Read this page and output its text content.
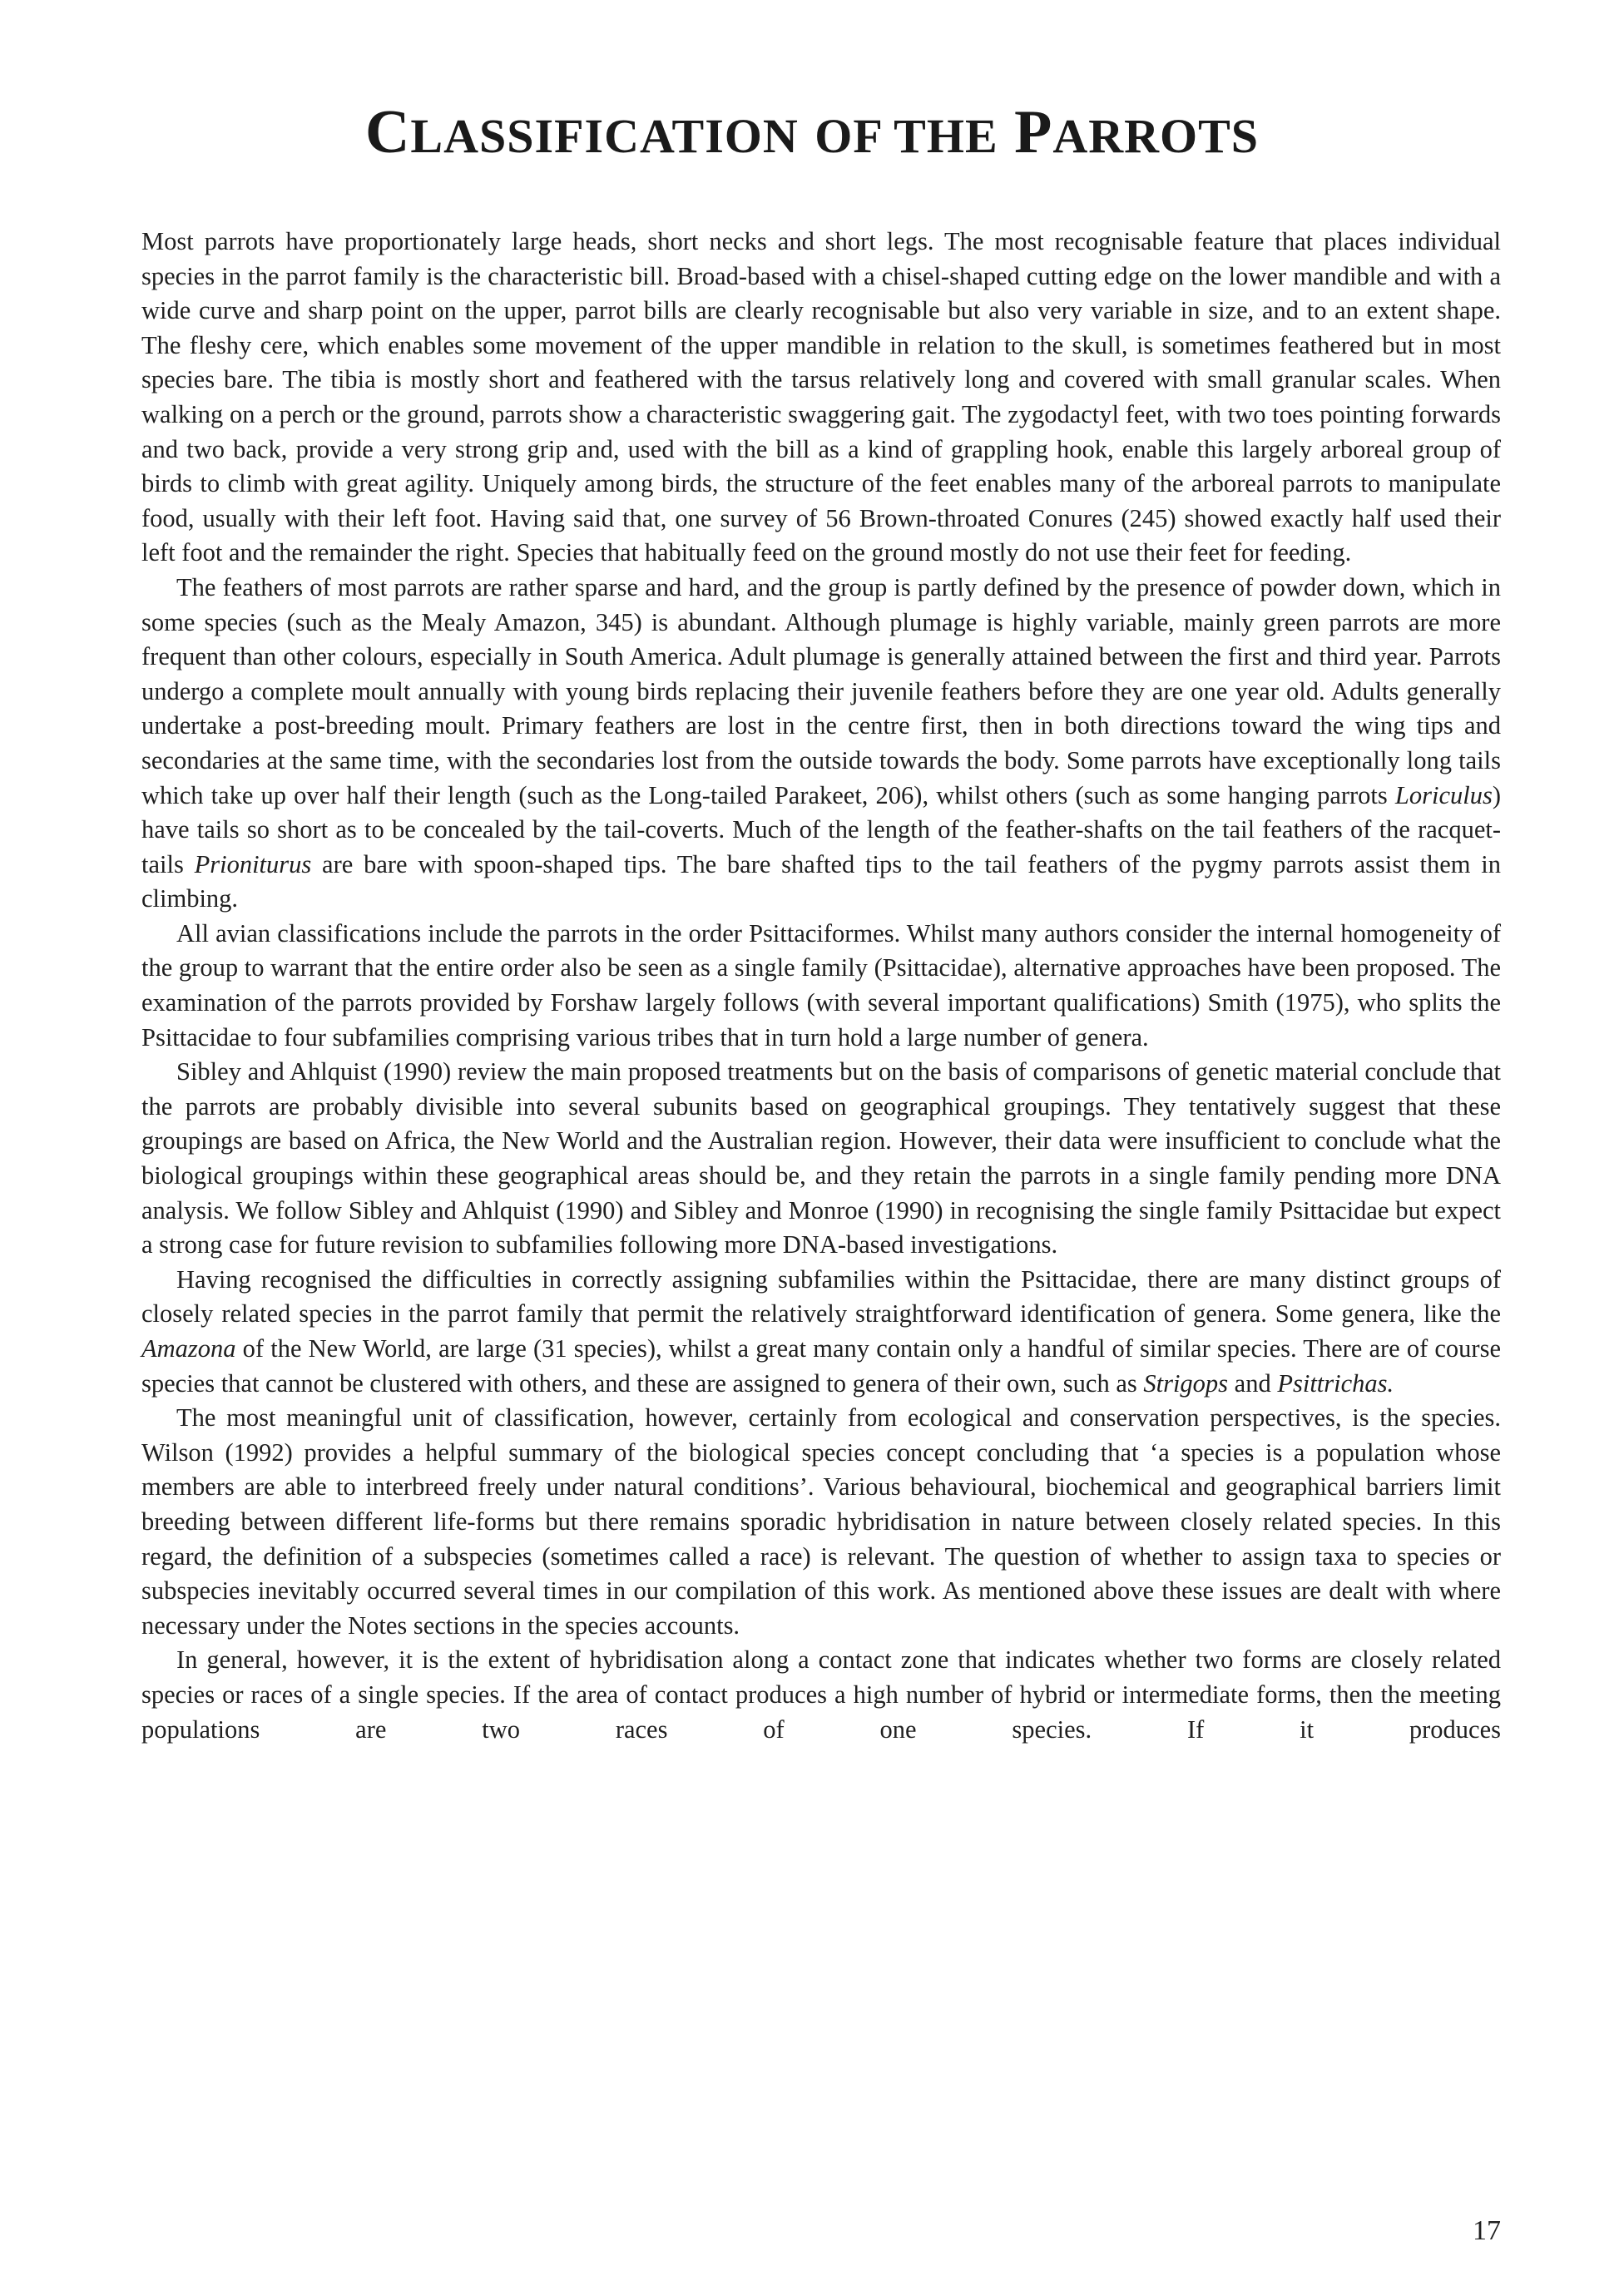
CLASSIFICATION OF THE PARROTS

Most parrots have proportionately large heads, short necks and short legs. The most recognisable feature that places individual species in the parrot family is the characteristic bill. Broad-based with a chisel-shaped cutting edge on the lower mandible and with a wide curve and sharp point on the upper, parrot bills are clearly recognisable but also very variable in size, and to an extent shape. The fleshy cere, which enables some movement of the upper mandible in relation to the skull, is sometimes feathered but in most species bare. The tibia is mostly short and feathered with the tarsus relatively long and covered with small granular scales. When walking on a perch or the ground, parrots show a characteristic swaggering gait. The zygodactyl feet, with two toes pointing forwards and two back, provide a very strong grip and, used with the bill as a kind of grappling hook, enable this largely arboreal group of birds to climb with great agility. Uniquely among birds, the structure of the feet enables many of the arboreal parrots to manipulate food, usually with their left foot. Having said that, one survey of 56 Brown-throated Conures (245) showed exactly half used their left foot and the remainder the right. Species that habitually feed on the ground mostly do not use their feet for feeding.

The feathers of most parrots are rather sparse and hard, and the group is partly defined by the presence of powder down, which in some species (such as the Mealy Amazon, 345) is abundant. Although plumage is highly variable, mainly green parrots are more frequent than other colours, especially in South America. Adult plumage is generally attained between the first and third year. Parrots undergo a complete moult annually with young birds replacing their juvenile feathers before they are one year old. Adults generally undertake a post-breeding moult. Primary feathers are lost in the centre first, then in both directions toward the wing tips and secondaries at the same time, with the secondaries lost from the outside towards the body. Some parrots have exceptionally long tails which take up over half their length (such as the Long-tailed Parakeet, 206), whilst others (such as some hanging parrots Loriculus) have tails so short as to be concealed by the tail-coverts. Much of the length of the feather-shafts on the tail feathers of the racquet-tails Prioniturus are bare with spoon-shaped tips. The bare shafted tips to the tail feathers of the pygmy parrots assist them in climbing.

All avian classifications include the parrots in the order Psittaciformes. Whilst many authors consider the internal homogeneity of the group to warrant that the entire order also be seen as a single family (Psittacidae), alternative approaches have been proposed. The examination of the parrots provided by Forshaw largely follows (with several important qualifications) Smith (1975), who splits the Psittacidae to four subfamilies comprising various tribes that in turn hold a large number of genera.

Sibley and Ahlquist (1990) review the main proposed treatments but on the basis of comparisons of genetic material conclude that the parrots are probably divisible into several subunits based on geographical groupings. They tentatively suggest that these groupings are based on Africa, the New World and the Australian region. However, their data were insufficient to conclude what the biological groupings within these geographical areas should be, and they retain the parrots in a single family pending more DNA analysis. We follow Sibley and Ahlquist (1990) and Sibley and Monroe (1990) in recognising the single family Psittacidae but expect a strong case for future revision to subfamilies following more DNA-based investigations.

Having recognised the difficulties in correctly assigning subfamilies within the Psittacidae, there are many distinct groups of closely related species in the parrot family that permit the relatively straightforward identification of genera. Some genera, like the Amazona of the New World, are large (31 species), whilst a great many contain only a handful of similar species. There are of course species that cannot be clustered with others, and these are assigned to genera of their own, such as Strigops and Psittrichas.

The most meaningful unit of classification, however, certainly from ecological and conservation perspectives, is the species. Wilson (1992) provides a helpful summary of the biological species concept concluding that ‘a species is a population whose members are able to interbreed freely under natural conditions’. Various behavioural, biochemical and geographical barriers limit breeding between different life-forms but there remains sporadic hybridisation in nature between closely related species. In this regard, the definition of a subspecies (sometimes called a race) is relevant. The question of whether to assign taxa to species or subspecies inevitably occurred several times in our compilation of this work. As mentioned above these issues are dealt with where necessary under the Notes sections in the species accounts.

In general, however, it is the extent of hybridisation along a contact zone that indicates whether two forms are closely related species or races of a single species. If the area of contact produces a high number of hybrid or intermediate forms, then the meeting populations are two races of one species. If it produces

17
